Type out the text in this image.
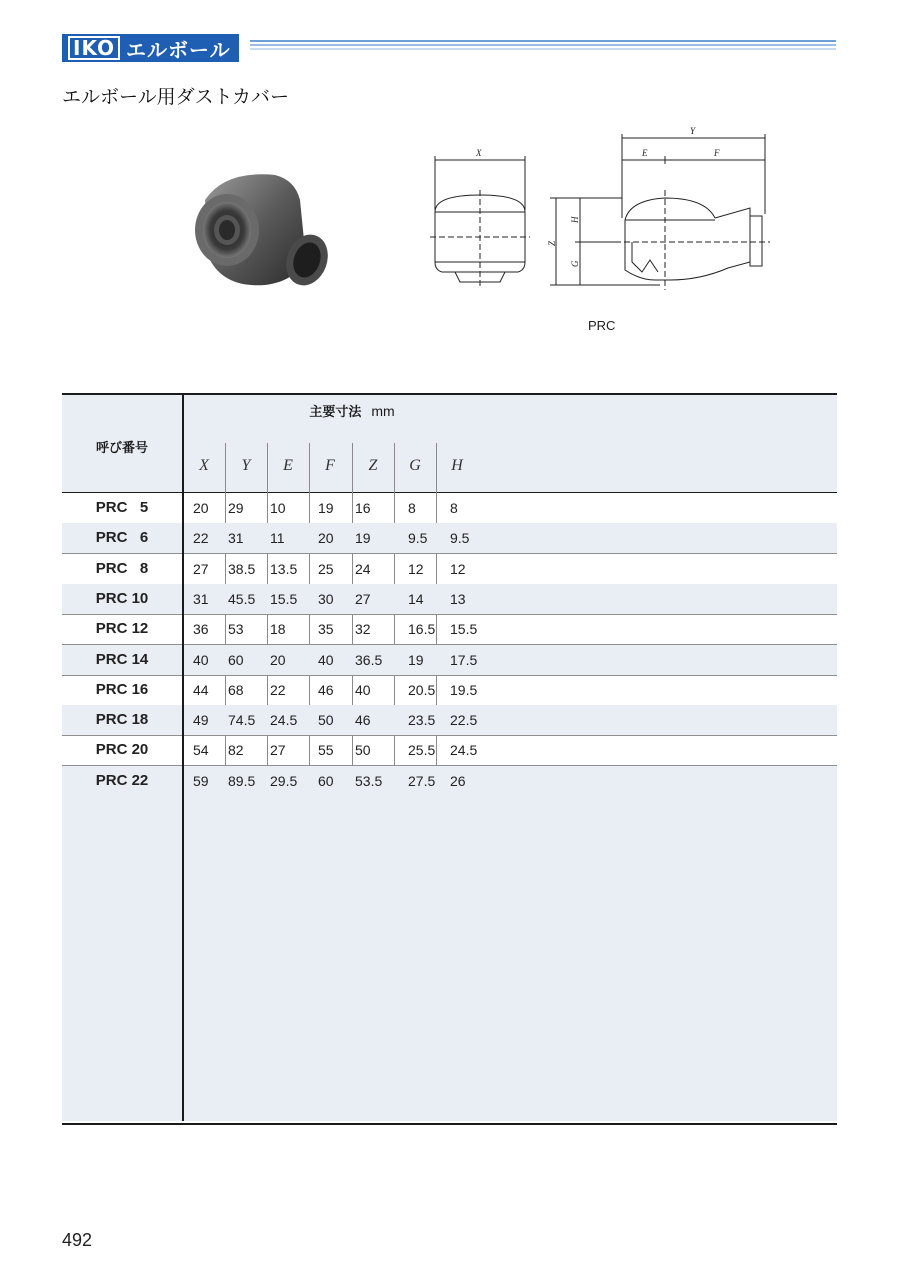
IKO エルボール
エルボール用ダストカバー
X
Y
E	F
Z
H
G
PRC
呼び番号
主要寸法 mm
X	Y	E	F	Z	G	H
PRC   5	20 29 10 19 16	8 8
PRC   6	22 31 11 20 19	9.5 9.5
PRC   8	27 38.5 13.5 25 24	12 12
PRC 10	31 45.5 15.5 30 27	14 13
PRC 12	36 53 18 35 32	16.5 15.5
PRC 14	40 60 20 40 36.5 19 17.5
PRC 16	44 68 22 46 40	20.5 19.5
PRC 18	49 74.5 24.5 50 46	23.5 22.5
PRC 20	54 82 27 55 50	25.5 24.5
PRC 22	59 89.5 29.5 60 53.5 27.5 26
492
